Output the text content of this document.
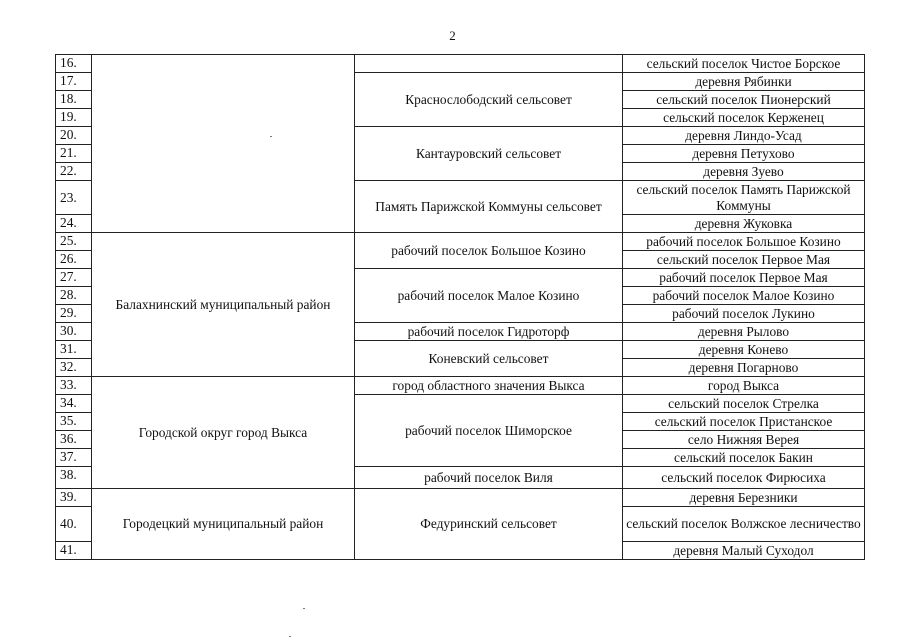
2
16.			сельский поселок Чистое Борское
17.		Краснослободский сельсовет	деревня Рябинки
18.			сельский поселок Пионерский
19.			сельский поселок Керженец
20.		Кантауровский сельсовет	деревня Линдо-Усад
21.			деревня Петухово
22.			деревня Зуево
23.		Память Парижской Коммуны сельсовет	сельский поселок Память Парижской Коммуны
24.			деревня Жуковка
25.	Балахнинский муниципальный район	рабочий поселок Большое Козино	рабочий поселок Большое Козино
26.			сельский поселок Первое Мая
27.		рабочий поселок Малое Козино	рабочий поселок Первое Мая
28.			рабочий поселок Малое Козино
29.			рабочий поселок Лукино
30.		рабочий поселок Гидроторф	деревня Рылово
31.		Коневский сельсовет	деревня Конево
32.			деревня Погарново
33.	Городской округ город Выкса	город областного значения Выкса	город Выкса
34.		рабочий поселок Шиморское	сельский поселок Стрелка
35.			сельский поселок Пристанское
36.			село Нижняя Верея
37.			сельский поселок Бакин
38.		рабочий поселок Виля	сельский поселок Фирюсиха
39.	Городецкий муниципальный район	Федуринский сельсовет	деревня Березники
40.			сельский поселок Волжское лесничество
41.			деревня Малый Суходол
